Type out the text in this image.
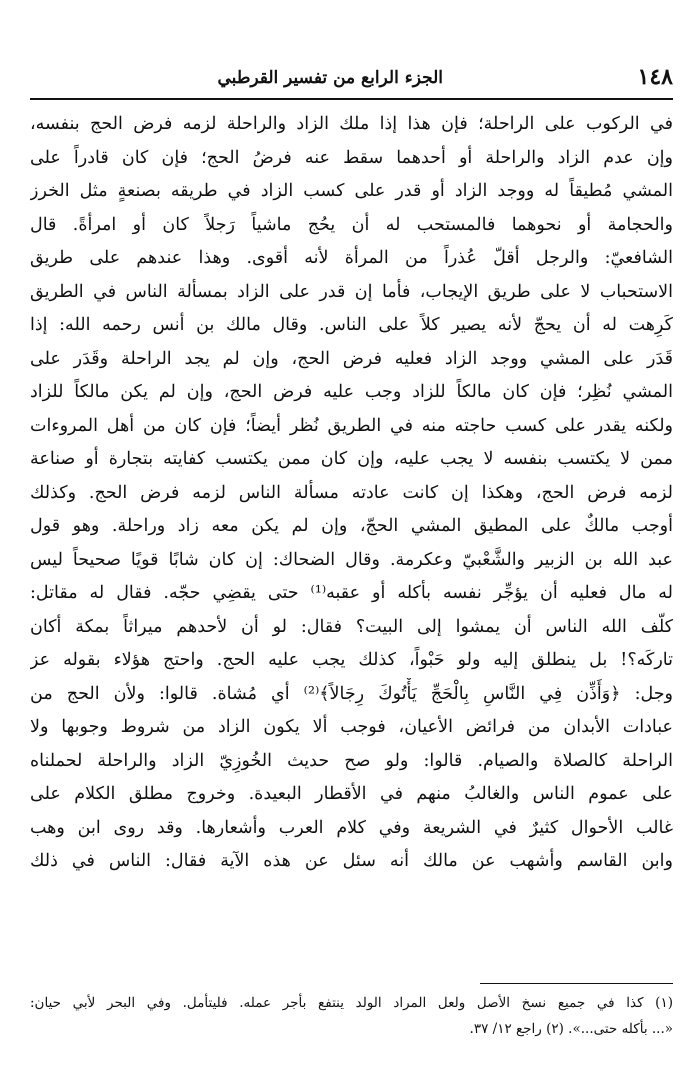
١٤٨
الجزء الرابع من تفسير القرطبي
في الركوب على الراحلة؛ فإن هذا إذا ملك الزاد والراحلة لزمه فرض الحج بنفسه،
وإن عدم الزاد والراحلة أو أحدهما سقط عنه فرضُ الحج؛ فإن كان قادراً على
المشي مُطيقاً له ووجد الزاد أو قدر على كسب الزاد في طريقه بصنعةٍ مثل الخرز
والحجامة أو نحوهما فالمستحب له أن يحُج ماشياً رَجلاً كان أو امرأةً. قال
الشافعيّ: والرجل أقلّ عُذراً من المرأة لأنه أقوى. وهذا عندهم على طريق
الاستحباب لا على طريق الإيجاب، فأما إن قدر على الزاد بمسألة الناس في الطريق
كَرِهت له أن يحجّ لأنه يصير كلاً على الناس. وقال مالك بن أنس رحمه الله: إذا
قَدَر على المشي ووجد الزاد فعليه فرض الحج، وإن لم يجد الراحلة وقَدَر على
المشي نُظِر؛ فإن كان مالكاً للزاد وجب عليه فرض الحج، وإن لم يكن مالكاً للزاد
ولكنه يقدر على كسب حاجته منه في الطريق نُظر أيضاً؛ فإن كان من أهل المروءات
ممن لا يكتسب بنفسه لا يجب عليه، وإن كان ممن يكتسب كفايته بتجارة أو صناعة
لزمه فرض الحج، وهكذا إن كانت عادته مسألة الناس لزمه فرض الحج. وكذلك
أوجب مالكٌ على المطيق المشي الحجّ، وإن لم يكن معه زاد وراحلة. وهو قول
عبد الله بن الزبير والشَّعْبيّ وعكرمة. وقال الضحاك: إن كان شابًا قويًا صحيحاً ليس
له مال فعليه أن يؤجِّر نفسه بأكله أو عقبه⁽¹⁾ حتى يقضِي حجّه. فقال له مقاتل:
كلّف الله الناس أن يمشوا إلى البيت؟ فقال: لو أن لأحدهم ميراثاً بمكة أكان
تاركَه؟! بل ينطلق إليه ولو حَبْواً، كذلك يجب عليه الحج. واحتج هؤلاء بقوله عز
وجل: ﴿وَأَذِّن فِي النَّاسِ بِالْحَجِّ يَأْتُوكَ رِجَالاً﴾⁽²⁾ أي مُشاة. قالوا: ولأن الحج من
عبادات الأبدان من فرائض الأعيان، فوجب ألا يكون الزاد من شروط وجوبها ولا
الراحلة كالصلاة والصيام. قالوا: ولو صح حديث الخُوزِيّ الزاد والراحلة لحملناه
على عموم الناس والغالبُ منهم في الأقطار البعيدة. وخروج مطلق الكلام على
غالب الأحوال كثيرٌ في الشريعة وفي كلام العرب وأشعارها. وقد روى ابن وهب
وابن القاسم وأشهب عن مالك أنه سئل عن هذه الآية فقال: الناس في ذلك
(١) كذا في جميع نسخ الأصل ولعل المراد الولد ينتفع بأجر عمله. فليتأمل. وفي البحر لأبي حيان:
«... بأكله حتى...». (٢) راجع ١٢/ ٣٧.
